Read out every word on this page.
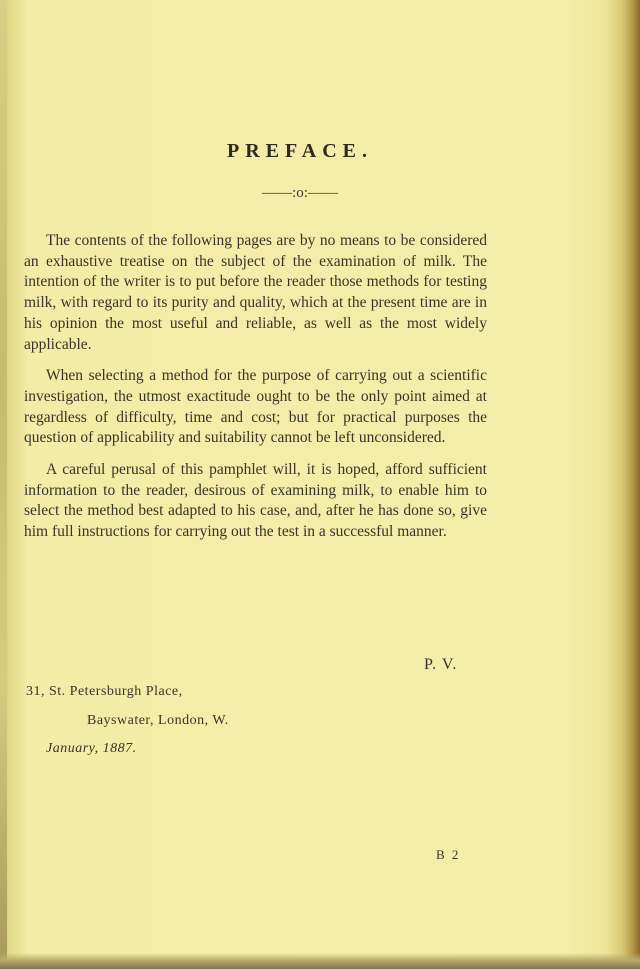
PREFACE.
——:o:——

The contents of the following pages are by no means to be considered an exhaustive treatise on the subject of the examination of milk. The intention of the writer is to put before the reader those methods for testing milk, with regard to its purity and quality, which at the present time are in his opinion the most useful and reliable, as well as the most widely applicable.

When selecting a method for the purpose of carrying out a scientific investigation, the utmost exactitude ought to be the only point aimed at regardless of difficulty, time and cost; but for practical purposes the question of applicability and suitability cannot be left unconsidered.

A careful perusal of this pamphlet will, it is hoped, afford sufficient information to the reader, desirous of examining milk, to enable him to select the method best adapted to his case, and, after he has done so, give him full instructions for carrying out the test in a successful manner.

P. V.
31, St. Petersburgh Place,
Bayswater, London, W.
January, 1887.
B 2
